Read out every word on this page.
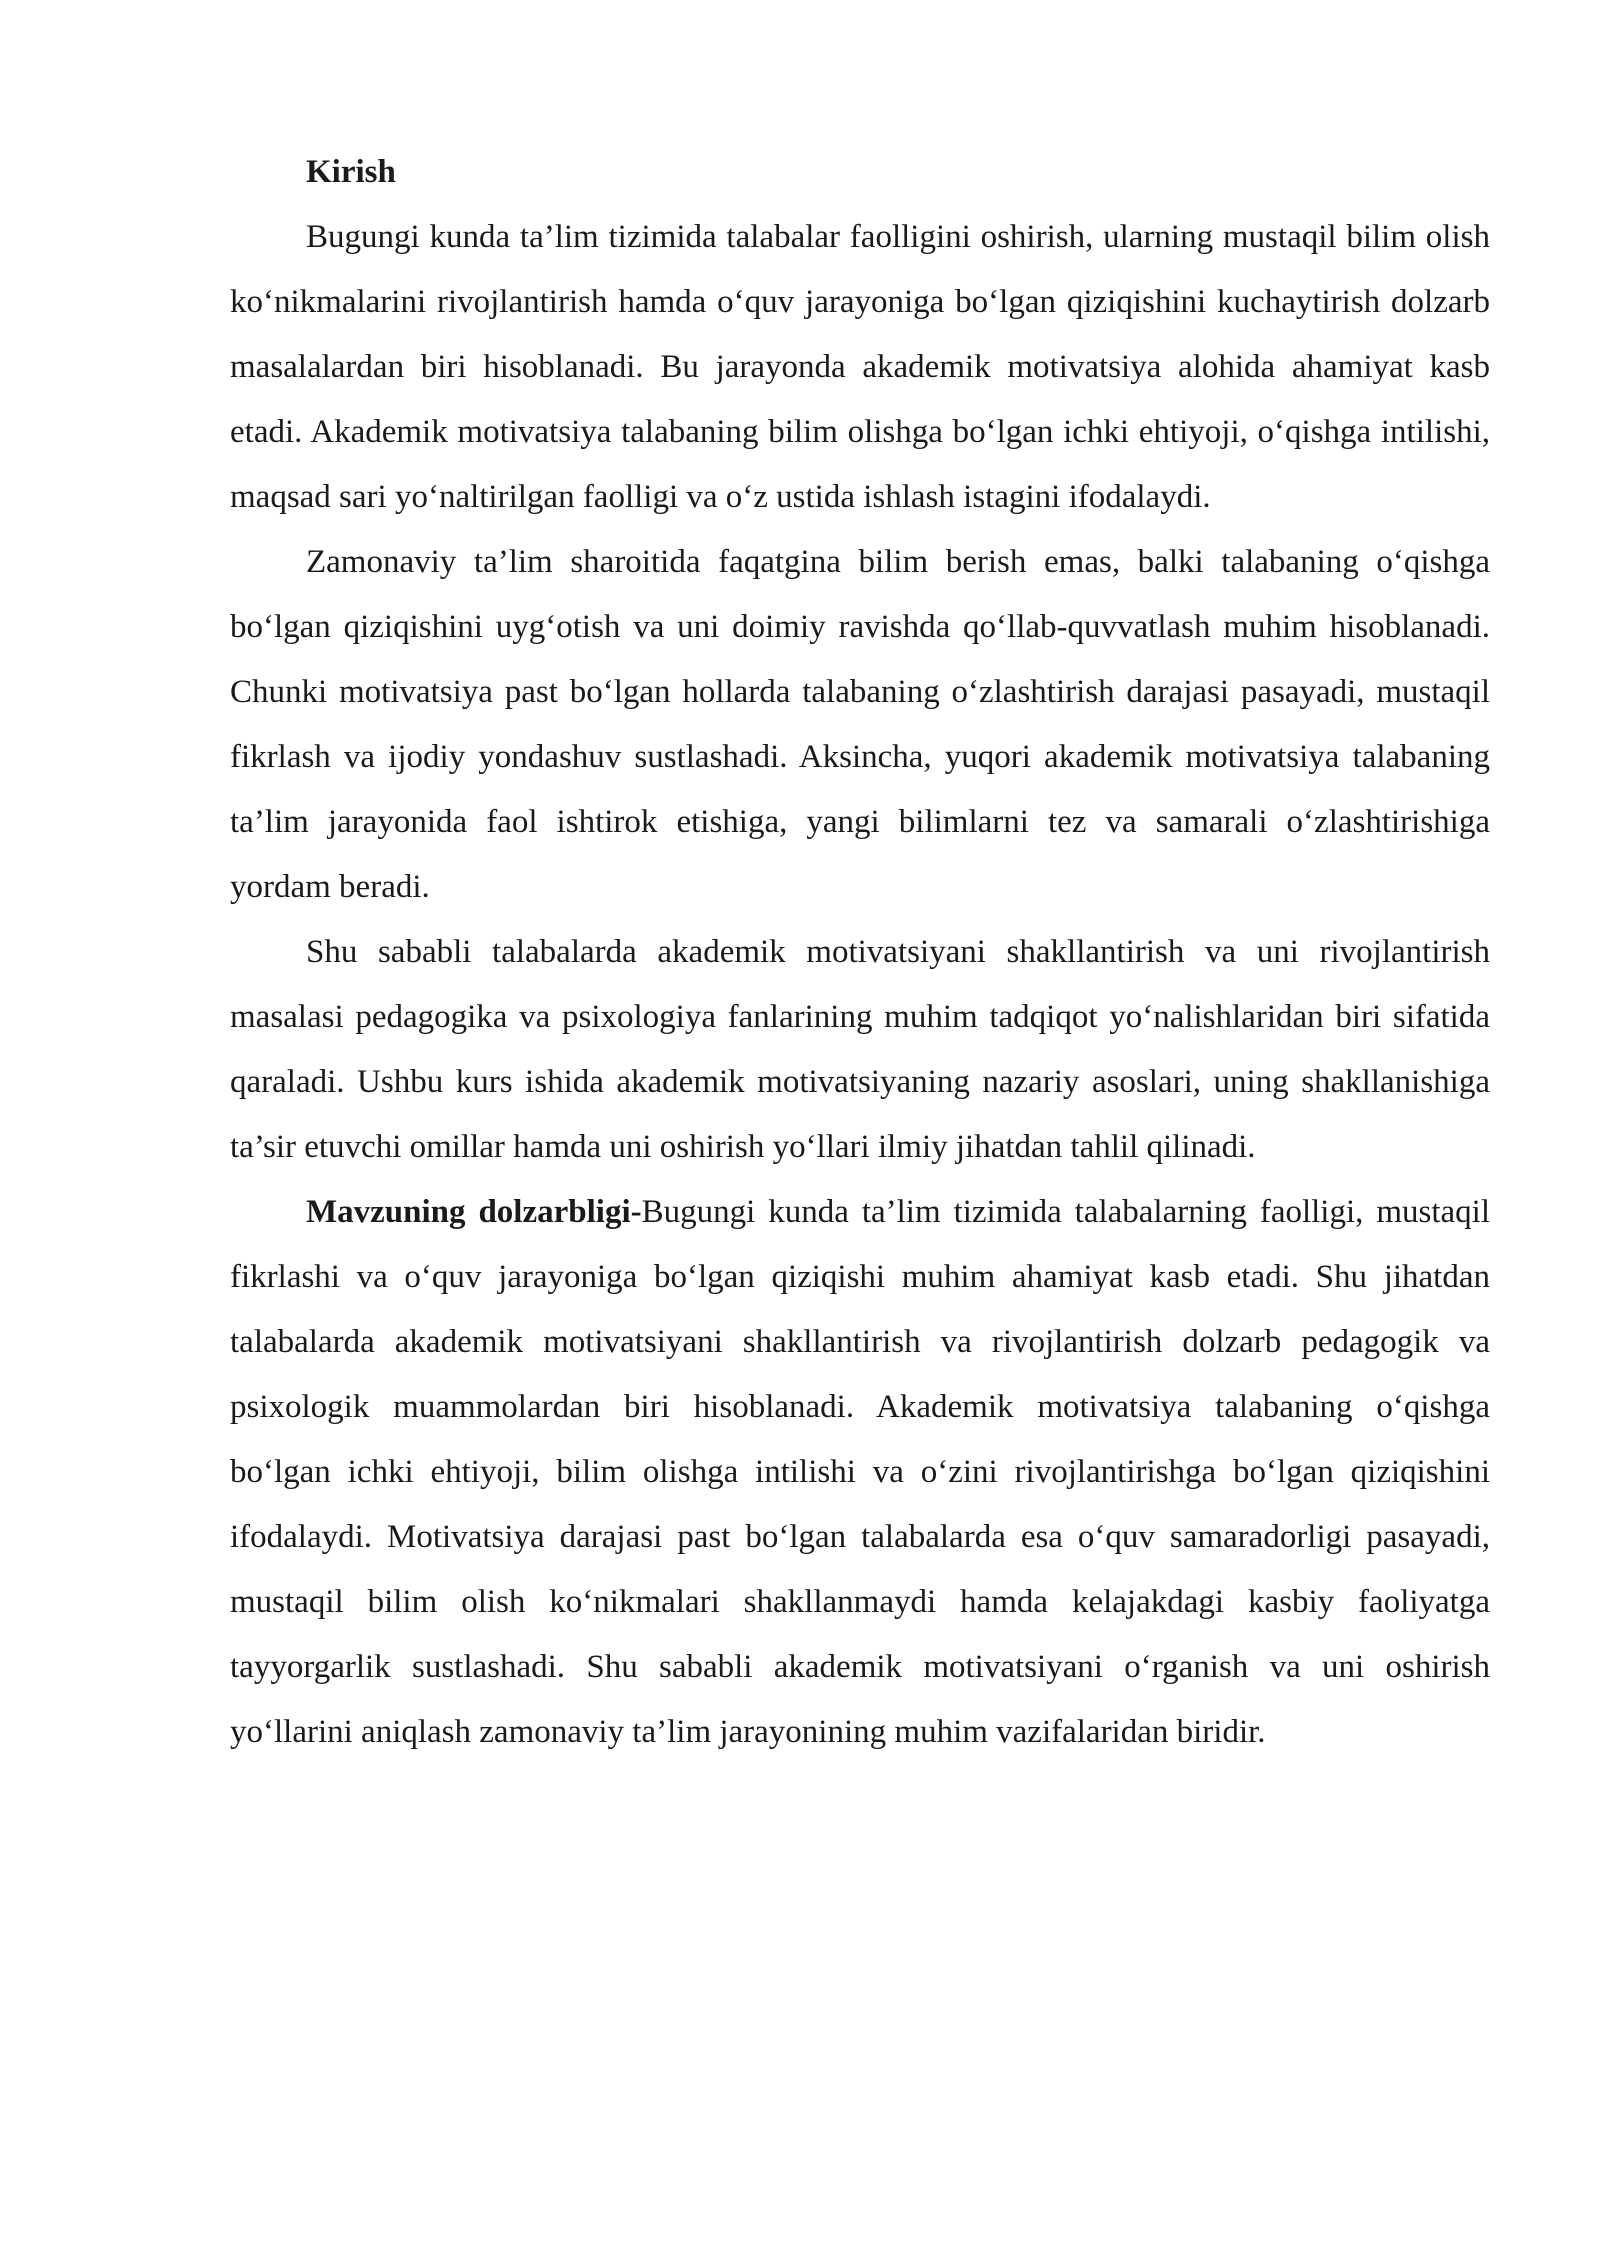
Kirish

Bugungi kunda ta’lim tizimida talabalar faolligini oshirish, ularning mustaqil bilim olish ko‘nikmalarini rivojlantirish hamda o‘quv jarayoniga bo‘lgan qiziqishini kuchaytirish dolzarb masalalardan biri hisoblanadi. Bu jarayonda akademik motivatsiya alohida ahamiyat kasb etadi. Akademik motivatsiya talabaning bilim olishga bo‘lgan ichki ehtiyoji, o‘qishga intilishi, maqsad sari yo‘naltirilgan faolligi va o‘z ustida ishlash istagini ifodalaydi.

Zamonaviy ta’lim sharoitida faqatgina bilim berish emas, balki talabaning o‘qishga bo‘lgan qiziqishini uyg‘otish va uni doimiy ravishda qo‘llab-quvvatlash muhim hisoblanadi. Chunki motivatsiya past bo‘lgan hollarda talabaning o‘zlashtirish darajasi pasayadi, mustaqil fikrlash va ijodiy yondashuv sustlashadi. Aksincha, yuqori akademik motivatsiya talabaning ta’lim jarayonida faol ishtirok etishiga, yangi bilimlarni tez va samarali o‘zlashtirishiga yordam beradi.

Shu sababli talabalarda akademik motivatsiyani shakllantirish va uni rivojlantirish masalasi pedagogika va psixologiya fanlarining muhim tadqiqot yo‘nalishlaridan biri sifatida qaraladi. Ushbu kurs ishida akademik motivatsiyaning nazariy asoslari, uning shakllanishiga ta’sir etuvchi omillar hamda uni oshirish yo‘llari ilmiy jihatdan tahlil qilinadi.

Mavzuning dolzarbligi-Bugungi kunda ta’lim tizimida talabalarning faolligi, mustaqil fikrlashi va o‘quv jarayoniga bo‘lgan qiziqishi muhim ahamiyat kasb etadi. Shu jihatdan talabalarda akademik motivatsiyani shakllantirish va rivojlantirish dolzarb pedagogik va psixologik muammolardan biri hisoblanadi. Akademik motivatsiya talabaning o‘qishga bo‘lgan ichki ehtiyoji, bilim olishga intilishi va o‘zini rivojlantirishga bo‘lgan qiziqishini ifodalaydi. Motivatsiya darajasi past bo‘lgan talabalarda esa o‘quv samaradorligi pasayadi, mustaqil bilim olish ko‘nikmalari shakllanmaydi hamda kelajakdagi kasbiy faoliyatga tayyorgarlik sustlashadi. Shu sababli akademik motivatsiyani o‘rganish va uni oshirish yo‘llarini aniqlash zamonaviy ta’lim jarayonining muhim vazifalaridan biridir.
